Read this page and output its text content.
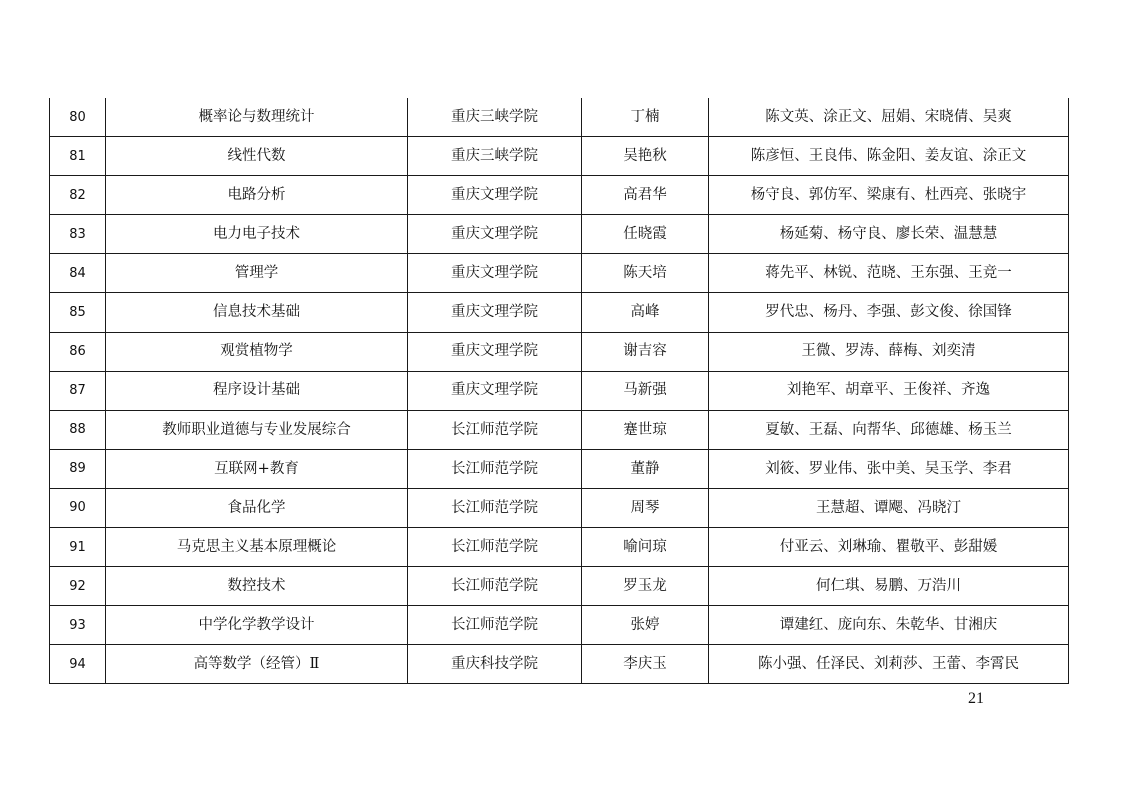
80	概率论与数理统计	重庆三峡学院	丁楠	陈文英、涂正文、屈娟、宋晓倩、吴爽
81	线性代数	重庆三峡学院	吴艳秋	陈彦恒、王良伟、陈金阳、姜友谊、涂正文
82	电路分析	重庆文理学院	高君华	杨守良、郭仿军、梁康有、杜西亮、张晓宇
83	电力电子技术	重庆文理学院	任晓霞	杨延菊、杨守良、廖长荣、温慧慧
84	管理学	重庆文理学院	陈天培	蒋先平、林锐、范晓、王东强、王竞一
85	信息技术基础	重庆文理学院	高峰	罗代忠、杨丹、李强、彭文俊、徐国锋
86	观赏植物学	重庆文理学院	谢吉容	王微、罗涛、薛梅、刘奕清
87	程序设计基础	重庆文理学院	马新强	刘艳军、胡章平、王俊祥、齐逸
88	教师职业道德与专业发展综合	长江师范学院	蹇世琼	夏敏、王磊、向帮华、邱德雄、杨玉兰
89	互联网+教育	长江师范学院	董静	刘筱、罗业伟、张中美、吴玉学、李君
90	食品化学	长江师范学院	周琴	王慧超、谭飔、冯晓汀
91	马克思主义基本原理概论	长江师范学院	喻问琼	付亚云、刘琳瑜、瞿敬平、彭甜媛
92	数控技术	长江师范学院	罗玉龙	何仁琪、易鹏、万浩川
93	中学化学教学设计	长江师范学院	张婷	谭建红、庞向东、朱乾华、甘湘庆
94	高等数学（经管）Ⅱ	重庆科技学院	李庆玉	陈小强、任泽民、刘莉莎、王蕾、李霄民
21
